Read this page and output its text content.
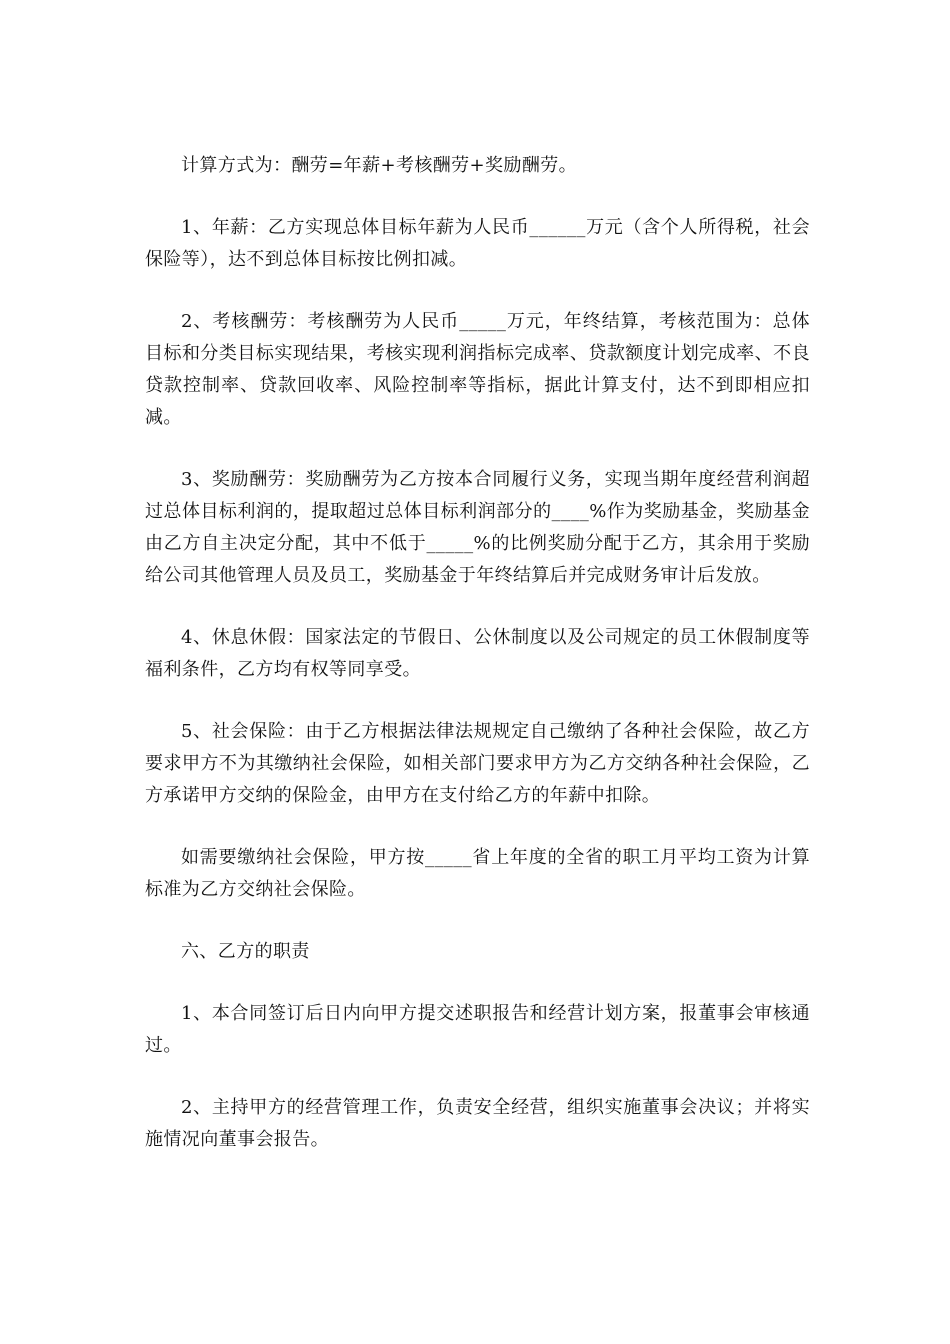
计算方式为：酬劳=年薪+考核酬劳+奖励酬劳。

1、年薪：乙方实现总体目标年薪为人民币______万元（含个人所得税，社会保险等），达不到总体目标按比例扣减。

2、考核酬劳：考核酬劳为人民币_____万元，年终结算，考核范围为：总体目标和分类目标实现结果，考核实现利润指标完成率、贷款额度计划完成率、不良贷款控制率、贷款回收率、风险控制率等指标，据此计算支付，达不到即相应扣减。

3、奖励酬劳：奖励酬劳为乙方按本合同履行义务，实现当期年度经营利润超过总体目标利润的，提取超过总体目标利润部分的____%作为奖励基金，奖励基金由乙方自主决定分配，其中不低于_____%的比例奖励分配于乙方，其余用于奖励给公司其他管理人员及员工，奖励基金于年终结算后并完成财务审计后发放。

4、休息休假：国家法定的节假日、公休制度以及公司规定的员工休假制度等福利条件，乙方均有权等同享受。

5、社会保险：由于乙方根据法律法规规定自己缴纳了各种社会保险，故乙方要求甲方不为其缴纳社会保险，如相关部门要求甲方为乙方交纳各种社会保险，乙方承诺甲方交纳的保险金，由甲方在支付给乙方的年薪中扣除。

如需要缴纳社会保险，甲方按_____省上年度的全省的职工月平均工资为计算标准为乙方交纳社会保险。

六、乙方的职责

1、本合同签订后日内向甲方提交述职报告和经营计划方案，报董事会审核通过。

2、主持甲方的经营管理工作，负责安全经营，组织实施董事会决议；并将实施情况向董事会报告。
